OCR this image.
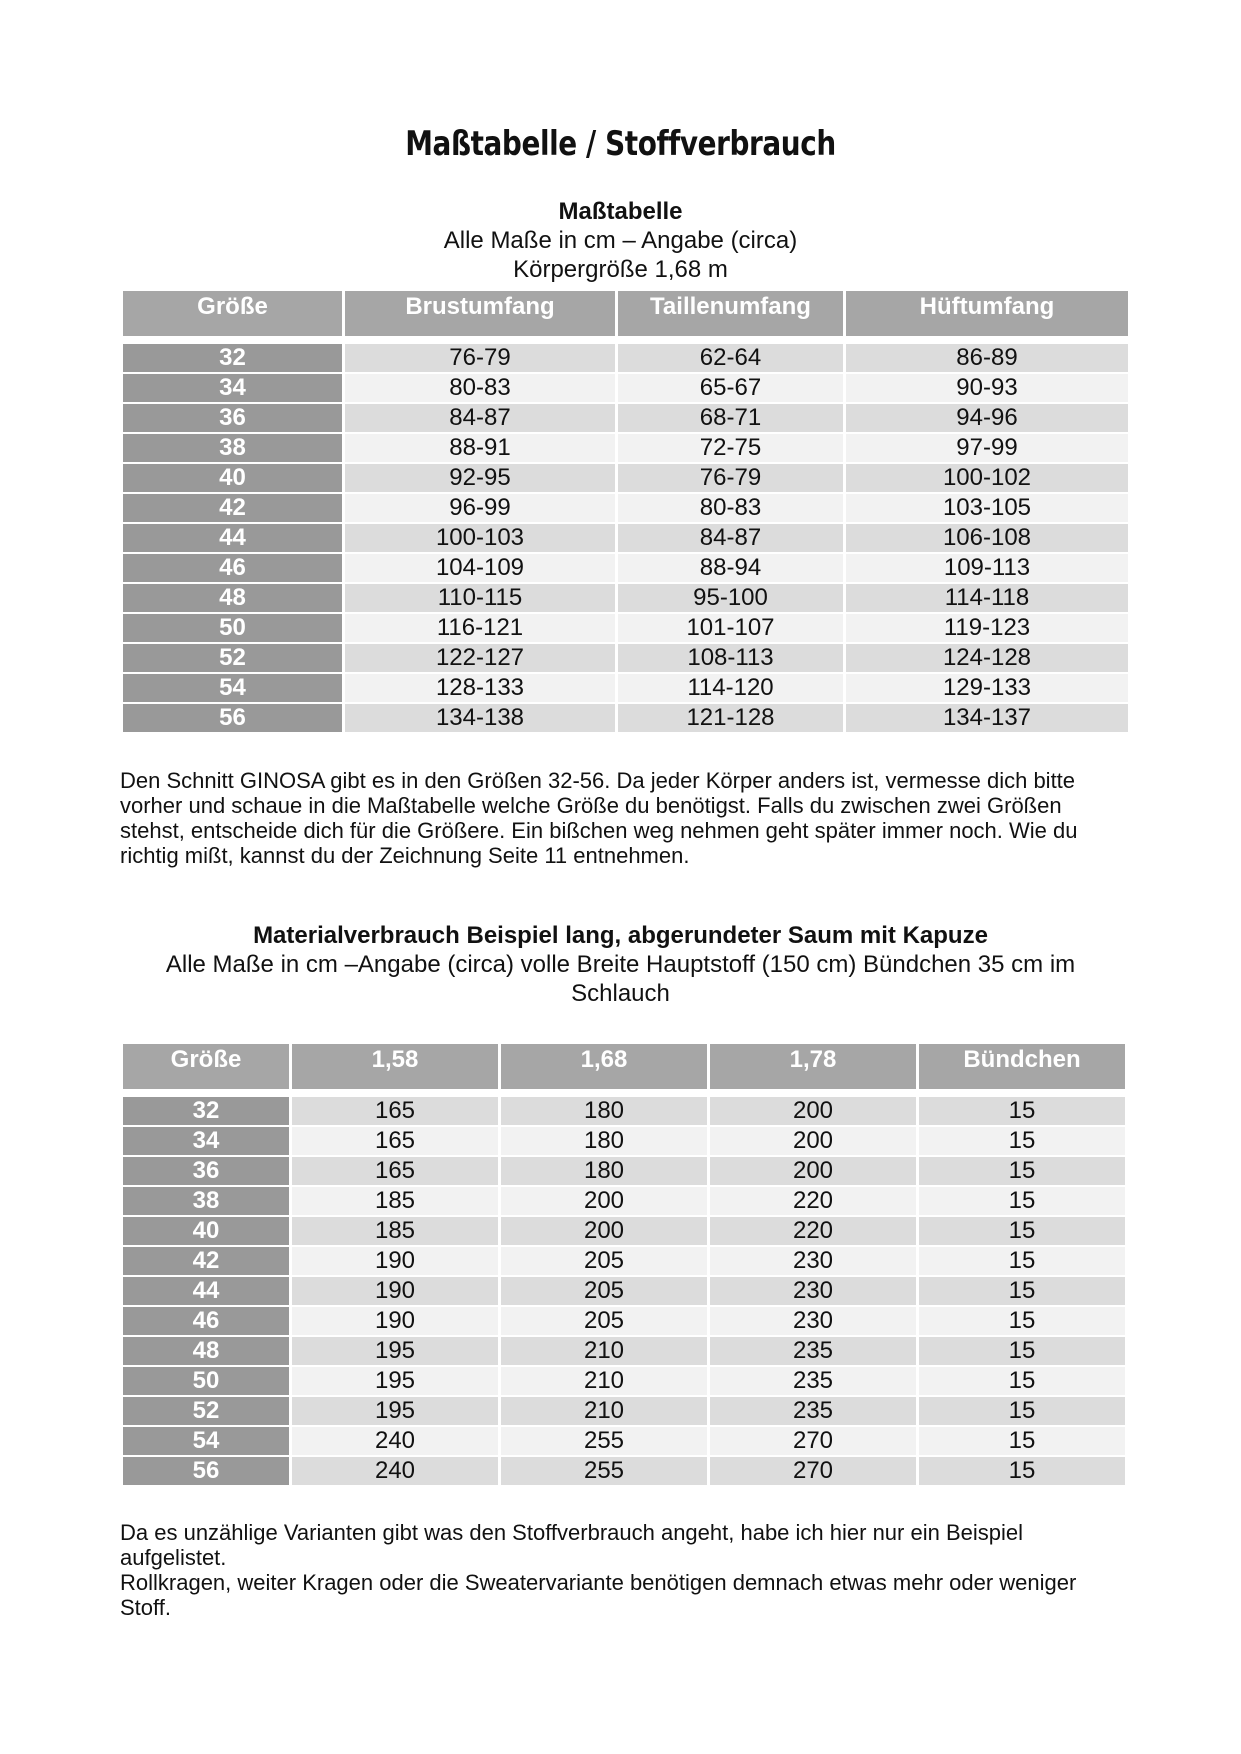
Maßtabelle / Stoffverbrauch
Maßtabelle
Alle Maße in cm – Angabe (circa)
Körpergröße 1,68 m
Größe	Brustumfang	Taillenumfang	Hüftumfang

32	76-79	62-64	86-89
34	80-83	65-67	90-93
36	84-87	68-71	94-96
38	88-91	72-75	97-99
40	92-95	76-79	100-102
42	96-99	80-83	103-105
44	100-103	84-87	106-108
46	104-109	88-94	109-113
48	110-115	95-100	114-118
50	116-121	101-107	119-123
52	122-127	108-113	124-128
54	128-133	114-120	129-133
56	134-138	121-128	134-137
Den Schnitt GINOSA gibt es in den Größen 32-56. Da jeder Körper anders ist, vermesse dich bitte vorher und schaue in die Maßtabelle welche Größe du benötigst. Falls du zwischen zwei Größen stehst, entscheide dich für die Größere. Ein bißchen weg nehmen geht später immer noch. Wie du richtig mißt, kannst du der Zeichnung Seite 11 entnehmen.
Materialverbrauch Beispiel lang, abgerundeter Saum mit Kapuze
Alle Maße in cm –Angabe (circa) volle Breite Hauptstoff (150 cm) Bündchen 35 cm im Schlauch
Größe	1,58	1,68	1,78	Bündchen

32	165	180	200	15
34	165	180	200	15
36	165	180	200	15
38	185	200	220	15
40	185	200	220	15
42	190	205	230	15
44	190	205	230	15
46	190	205	230	15
48	195	210	235	15
50	195	210	235	15
52	195	210	235	15
54	240	255	270	15
56	240	255	270	15
Da es unzählige Varianten gibt was den Stoffverbrauch angeht, habe ich hier nur ein Beispiel aufgelistet.
Rollkragen, weiter Kragen oder die Sweatervariante benötigen demnach etwas mehr oder weniger Stoff.
